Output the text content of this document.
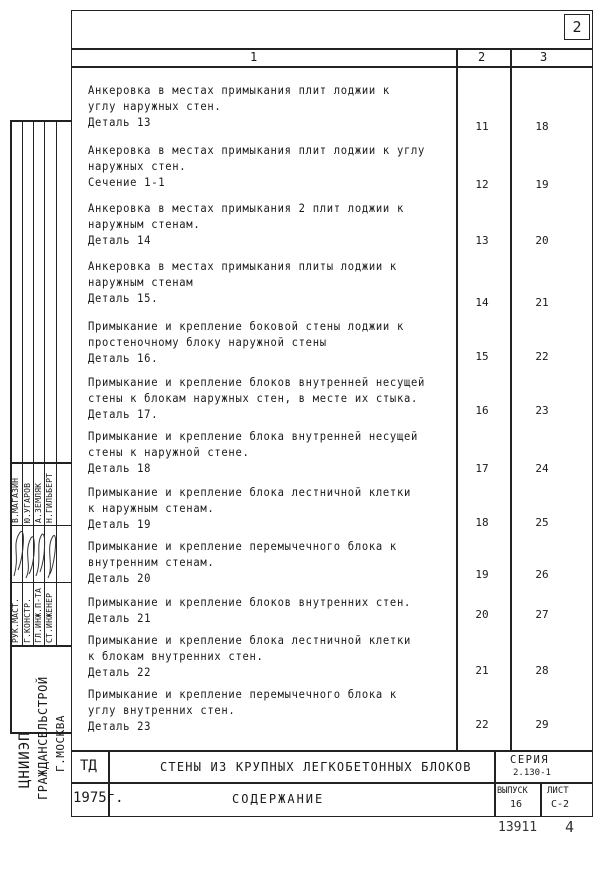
2
1	2	3
Анкеровка в местах примыкания плит лоджии к
углу наружных стен.
Деталь 13	11	18
Анкеровка в местах примыкания плит лоджии к углу
наружных стен.
Сечение 1-1	12	19
Анкеровка в местах примыкания 2 плит лоджии к
наружным стенам.
Деталь 14	13	20
Анкеровка в местах примыкания плиты лоджии к
наружным стенам
Деталь 15.	14	21
Примыкание и крепление боковой стены лоджии к
простеночному блоку наружной стены
Деталь 16.	15	22
Примыкание и крепление блоков внутренней несущей
стены к блокам наружных стен, в месте их стыка.
Деталь 17.	16	23
Примыкание и крепление блока внутренней несущей
стены к наружной стене.
Деталь 18	17	24
Примыкание и крепление блока лестничной клетки
к наружным стенам.
Деталь 19	18	25
Примыкание и крепление перемычечного блока к
внутренним стенам.
Деталь 20	19	26
Примыкание и крепление блоков внутренних стен.
Деталь 21	20	27
Примыкание и крепление блока лестничной клетки
к блокам внутренних стен.
Деталь 22	21	28
Примыкание и крепление перемычечного блока к
углу внутренних стен.
Деталь 23	22	29
РУК.МАСТ. Г.КОНСТР. ГЛ.ИНЖ.П-ТА СТ.ИНЖЕНЕР
В.МАГАЗИН Ю.УГАРОВ А.ЗЕМЛЯК Н.ГИЛЬБЕРТ
ЦНИИЭП ГРАЖДАНСЕЛЬСТРОЙ Г.МОСКВА ТД
1975г.
СТЕНЫ ИЗ КРУПНЫХ ЛЕГКОБЕТОННЫХ БЛОКОВ
СОДЕРЖАНИЕ
СЕРИЯ
2.130-1
ВЫПУСК
16
ЛИСТ
С-2
13911 4
